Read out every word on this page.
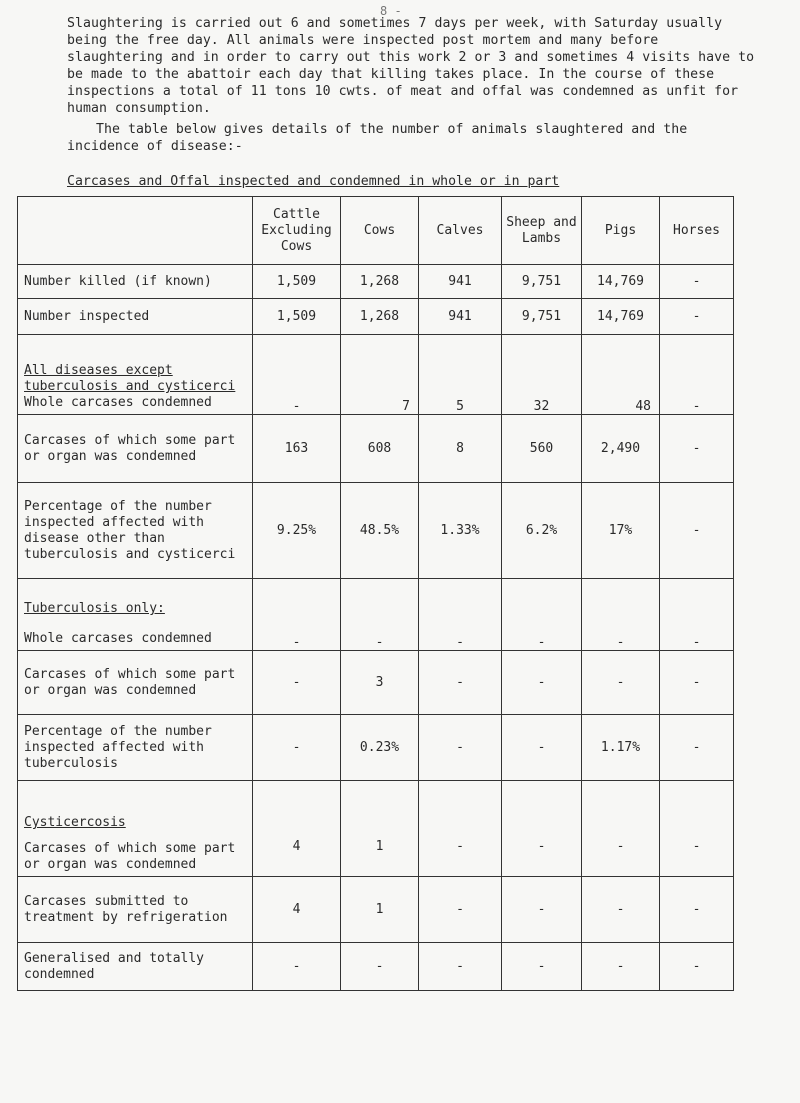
8 -
Slaughtering is carried out 6 and sometimes 7 days per week, with Saturday usually being the free day. All animals were inspected post mortem and many before slaughtering and in order to carry out this work 2 or 3 and sometimes 4 visits have to be made to the abattoir each day that killing takes place. In the course of these inspections a total of 11 tons 10 cwts. of meat and offal was condemned as unfit for human consumption.
The table below gives details of the number of animals slaughtered and the incidence of disease:-
Carcases and Offal inspected and condemned in whole or in part
	Cattle Excluding Cows	Cows	Calves	Sheep and Lambs	Pigs	Horses
Number killed (if known)	1,509	1,268	941	9,751	14,769	-
Number inspected	1,509	1,268	941	9,751	14,769	-

All diseases except tuberculosis and cysticerci
Whole carcases condemned	-	7	5	32	48	-
Carcases of which some part or organ was condemned	163	608	8	560	2,490	-
Percentage of the number inspected affected with disease other than tuberculosis and cysticerci	9.25%	48.5%	1.33%	6.2%	17%	-

Tuberculosis only:
Whole carcases condemned	-	-	-	-	-	-
Carcases of which some part or organ was condemned	-	3	-	-	-	-
Percentage of the number inspected affected with tuberculosis	-	0.23%	-	-	1.17%	-

Cysticercosis
Carcases of which some part or organ was condemned	4	1	-	-	-	-
Carcases submitted to treatment by refrigeration	4	1	-	-	-	-
Generalised and totally condemned	-	-	-	-	-	-
